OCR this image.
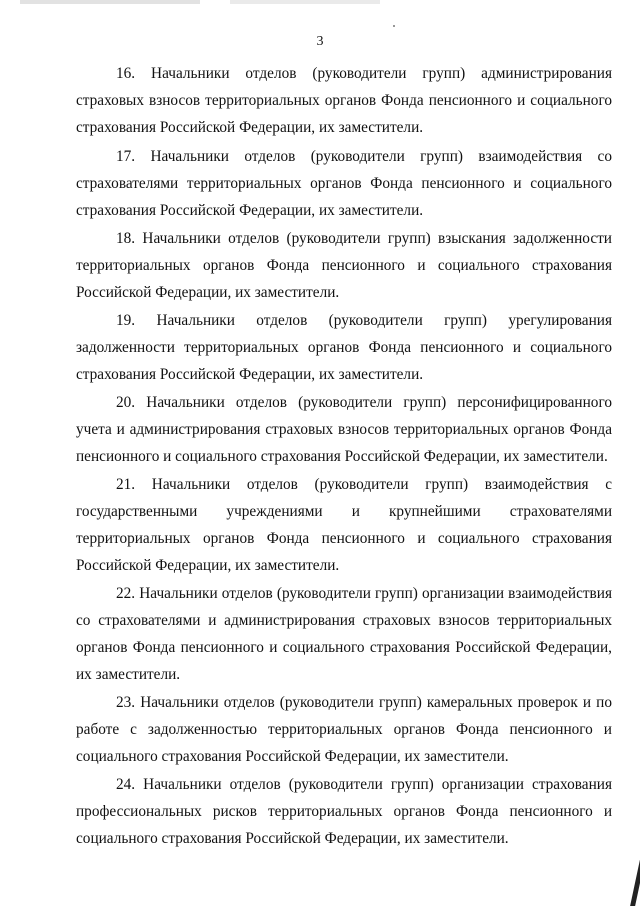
3

16. Начальники отделов (руководители групп) администрирования страховых взносов территориальных органов Фонда пенсионного и социального страхования Российской Федерации, их заместители.

17. Начальники отделов (руководители групп) взаимодействия со страхователями территориальных органов Фонда пенсионного и социального страхования Российской Федерации, их заместители.

18. Начальники отделов (руководители групп) взыскания задолженности территориальных органов Фонда пенсионного и социального страхования Российской Федерации, их заместители.

19. Начальники отделов (руководители групп) урегулирования задолженности территориальных органов Фонда пенсионного и социального страхования Российской Федерации, их заместители.

20. Начальники отделов (руководители групп) персонифицированного учета и администрирования страховых взносов территориальных органов Фонда пенсионного и социального страхования Российской Федерации, их заместители.

21. Начальники отделов (руководители групп) взаимодействия с государственными учреждениями и крупнейшими страхователями территориальных органов Фонда пенсионного и социального страхования Российской Федерации, их заместители.

22. Начальники отделов (руководители групп) организации взаимодействия со страхователями и администрирования страховых взносов территориальных органов Фонда пенсионного и социального страхования Российской Федерации, их заместители.

23. Начальники отделов (руководители групп) камеральных проверок и по работе с задолженностью территориальных органов Фонда пенсионного и социального страхования Российской Федерации, их заместители.

24. Начальники отделов (руководители групп) организации страхования профессиональных рисков территориальных органов Фонда пенсионного и социального страхования Российской Федерации, их заместители.
